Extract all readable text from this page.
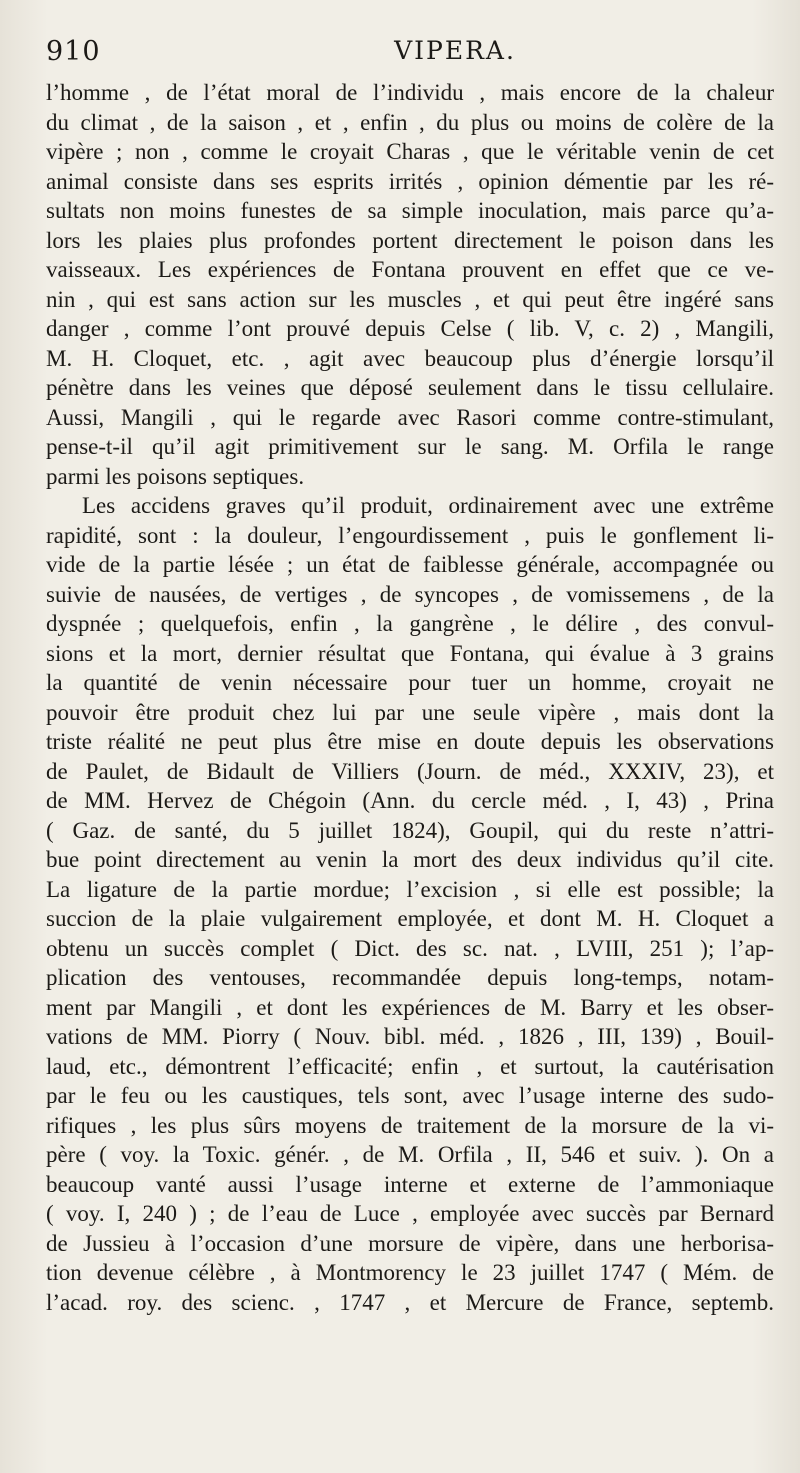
910	VIPERA.
l’homme , de l’état moral de l’individu , mais encore de la chaleur
du climat , de la saison , et , enfin , du plus ou moins de colère de la
vipère ; non , comme le croyait Charas , que le véritable venin de cet
animal consiste dans ses esprits irrités , opinion démentie par les ré-
sultats non moins funestes de sa simple inoculation, mais parce qu’a-
lors les plaies plus profondes portent directement le poison dans les
vaisseaux. Les expériences de Fontana prouvent en effet que ce ve-
nin , qui est sans action sur les muscles , et qui peut être ingéré sans
danger , comme l’ont prouvé depuis Celse ( lib. V, c. 2) , Mangili,
M. H. Cloquet, etc. , agit avec beaucoup plus d’énergie lorsqu’il
pénètre dans les veines que déposé seulement dans le tissu cellulaire.
Aussi, Mangili , qui le regarde avec Rasori comme contre-stimulant,
pense-t-il qu’il agit primitivement sur le sang. M. Orfila le range
parmi les poisons septiques.
Les accidens graves qu’il produit, ordinairement avec une extrême
rapidité, sont : la douleur, l’engourdissement , puis le gonflement li-
vide de la partie lésée ; un état de faiblesse générale, accompagnée ou
suivie de nausées, de vertiges , de syncopes , de vomissemens , de la
dyspnée ; quelquefois, enfin , la gangrène , le délire , des convul-
sions et la mort, dernier résultat que Fontana, qui évalue à 3 grains
la quantité de venin nécessaire pour tuer un homme, croyait ne
pouvoir être produit chez lui par une seule vipère , mais dont la
triste réalité ne peut plus être mise en doute depuis les observations
de Paulet, de Bidault de Villiers (Journ. de méd., XXXIV, 23), et
de MM. Hervez de Chégoin (Ann. du cercle méd. , I, 43) , Prina
( Gaz. de santé, du 5 juillet 1824), Goupil, qui du reste n’attri-
bue point directement au venin la mort des deux individus qu’il cite.
La ligature de la partie mordue; l’excision , si elle est possible; la
succion de la plaie vulgairement employée, et dont M. H. Cloquet a
obtenu un succès complet ( Dict. des sc. nat. , LVIII, 251 ); l’ap-
plication des ventouses, recommandée depuis long-temps, notam-
ment par Mangili , et dont les expériences de M. Barry et les obser-
vations de MM. Piorry ( Nouv. bibl. méd. , 1826 , III, 139) , Bouil-
laud, etc., démontrent l’efficacité; enfin , et surtout, la cautérisation
par le feu ou les caustiques, tels sont, avec l’usage interne des sudo-
rifiques , les plus sûrs moyens de traitement de la morsure de la vi-
père ( voy. la Toxic. génér. , de M. Orfila , II, 546 et suiv. ). On a
beaucoup vanté aussi l’usage interne et externe de l’ammoniaque
( voy. I, 240 ) ; de l’eau de Luce , employée avec succès par Bernard
de Jussieu à l’occasion d’une morsure de vipère, dans une herborisa-
tion devenue célèbre , à Montmorency le 23 juillet 1747 ( Mém. de
l’acad. roy. des scienc. , 1747 , et Mercure de France, septemb.
